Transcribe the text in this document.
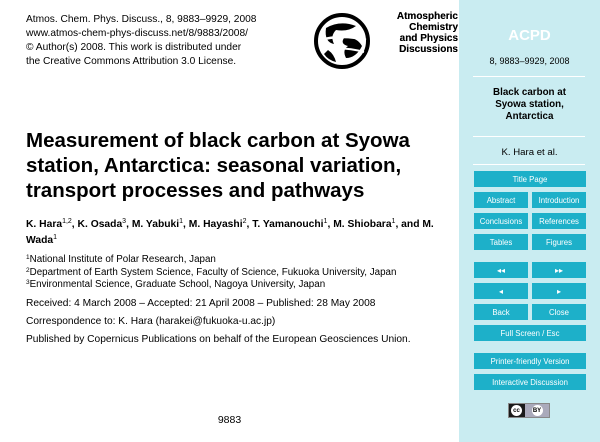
Atmos. Chem. Phys. Discuss., 8, 9883–9929, 2008
www.atmos-chem-phys-discuss.net/8/9883/2008/
© Author(s) 2008. This work is distributed under
the Creative Commons Attribution 3.0 License.
Atmospheric
Chemistry
and Physics
Discussions
Measurement of black carbon at Syowa
station, Antarctica: seasonal variation,
transport processes and pathways
K. Hara$^{1,2}$, K. Osada$^3$, M. Yabuki$^1$, M. Hayashi$^2$, T. Yamanouchi$^1$, M. Shiobara$^1$, and M. Wada$^1$
$^1$National Institute of Polar Research, Japan
$^2$Department of Earth System Science, Faculty of Science, Fukuoka University, Japan
$^3$Environmental Science, Graduate School, Nagoya University, Japan
Received: 4 March 2008 – Accepted: 21 April 2008 – Published: 28 May 2008
Correspondence to: K. Hara (harakei@fukuoka-u.ac.jp)
Published by Copernicus Publications on behalf of the European Geosciences Union.
9883
ACPD
8, 9883–9929, 2008
Black carbon at
Syowa station,
Antarctica
K. Hara et al.
Title Page
Abstract	Introduction
Conclusions	References
Tables	Figures
◂◂	▸▸
◂	▸
Back	Close
Full Screen / Esc
Printer-friendly Version
Interactive Discussion
cc	BY
